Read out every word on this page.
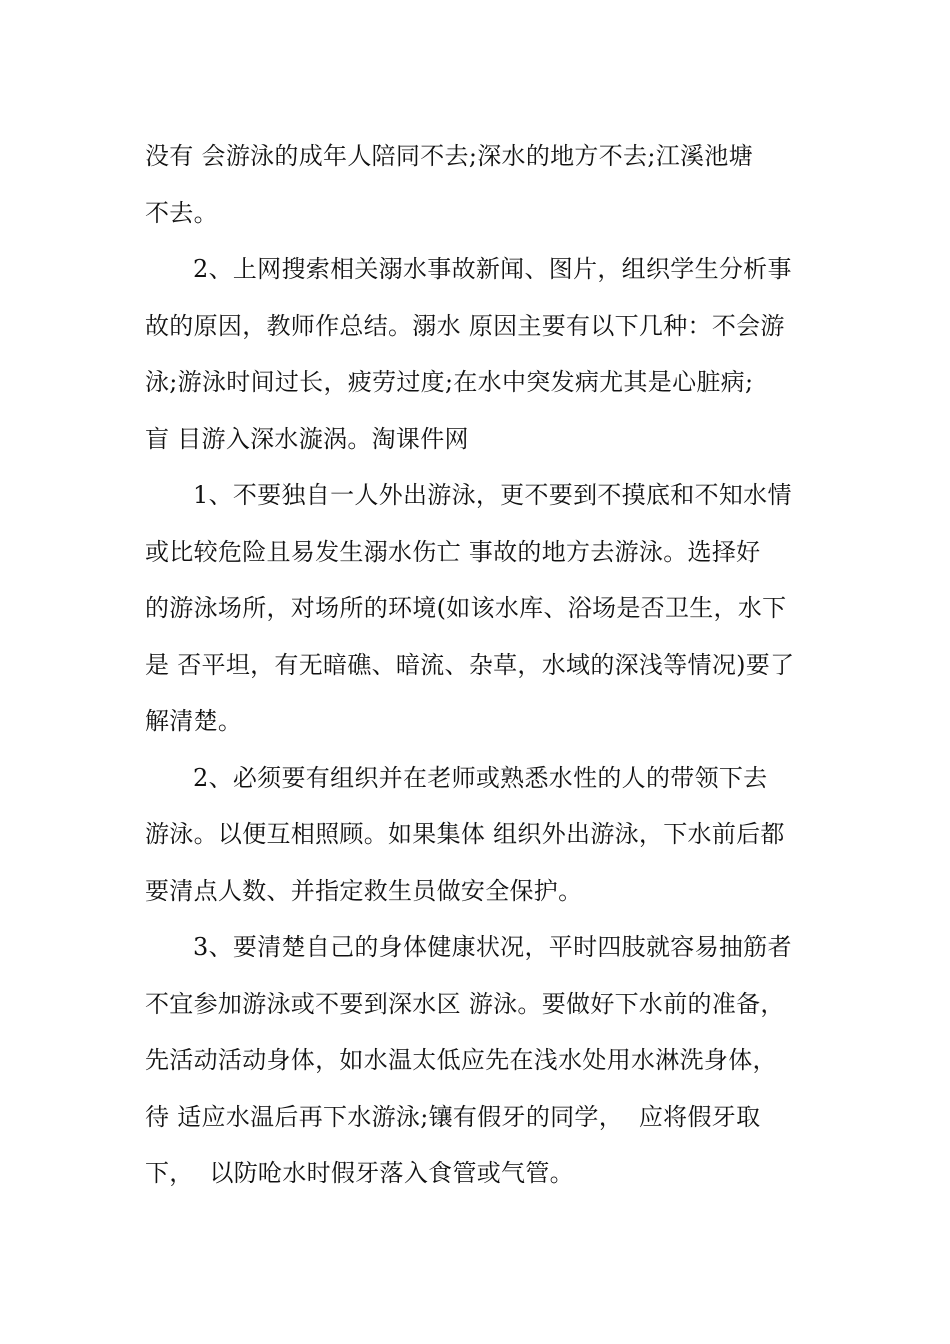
没有 会游泳的成年人陪同不去;深水的地方不去;江溪池塘
不去。
2、上网搜索相关溺水事故新闻、图片，组织学生分析事
故的原因，教师作总结。溺水 原因主要有以下几种：不会游
泳;游泳时间过长，疲劳过度;在水中突发病尤其是心脏病;
盲 目游入深水漩涡。淘课件网
1、不要独自一人外出游泳，更不要到不摸底和不知水情
或比较危险且易发生溺水伤亡 事故的地方去游泳。选择好
的游泳场所，对场所的环境(如该水库、浴场是否卫生，水下
是 否平坦，有无暗礁、暗流、杂草，水域的深浅等情况)要了
解清楚。
2、必须要有组织并在老师或熟悉水性的人的带领下去
游泳。以便互相照顾。如果集体 组织外出游泳，下水前后都
要清点人数、并指定救生员做安全保护。
3、要清楚自己的身体健康状况，平时四肢就容易抽筋者
不宜参加游泳或不要到深水区 游泳。要做好下水前的准备，
先活动活动身体，如水温太低应先在浅水处用水淋洗身体，
待 适应水温后再下水游泳;镶有假牙的同学，  应将假牙取
下，  以防呛水时假牙落入食管或气管。
